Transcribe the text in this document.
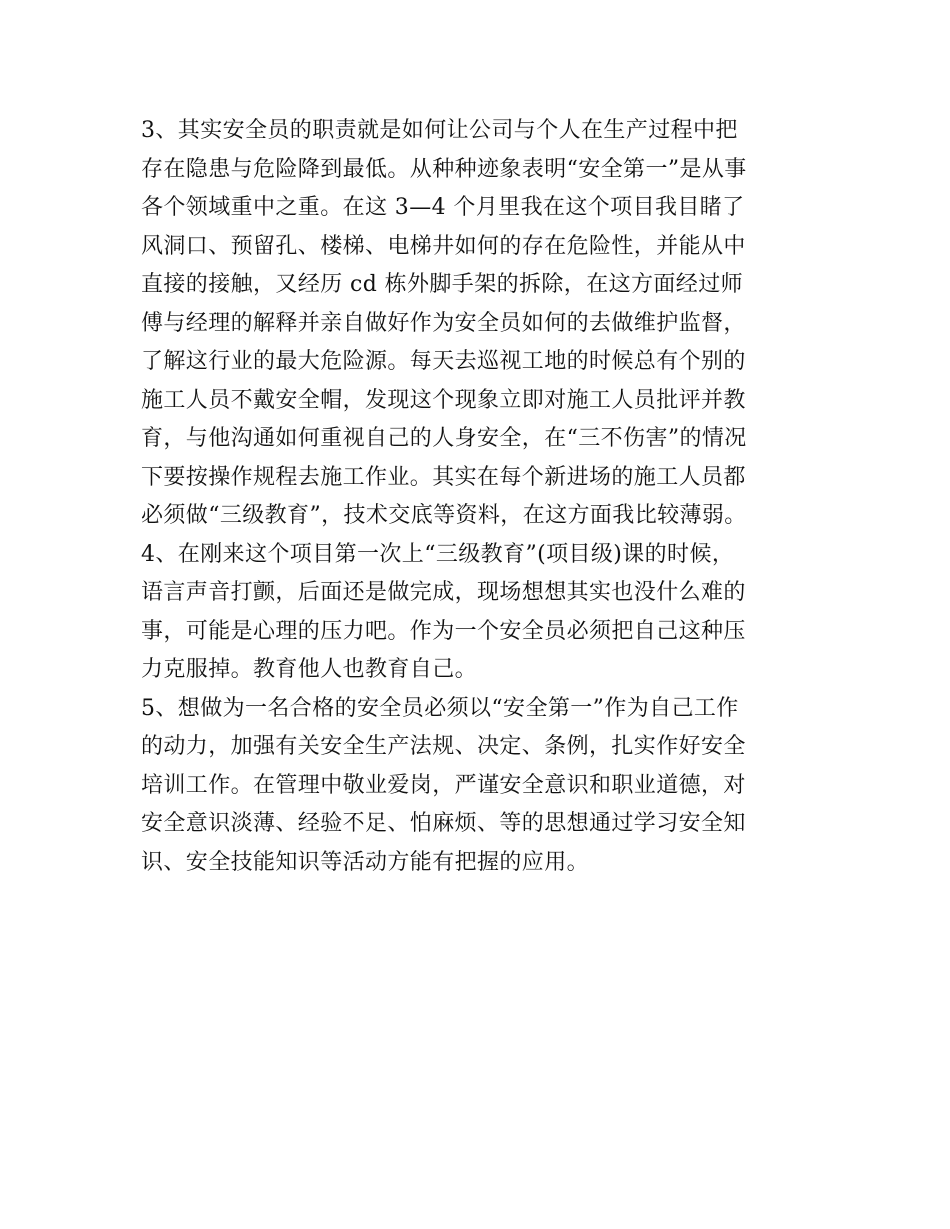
3、其实安全员的职责就是如何让公司与个人在生产过程中把
存在隐患与危险降到最低。从种种迹象表明“安全第一”是从事
各个领域重中之重。在这 3—4 个月里我在这个项目我目睹了
风洞口、预留孔、楼梯、电梯井如何的存在危险性，并能从中
直接的接触，又经历 cd 栋外脚手架的拆除，在这方面经过师
傅与经理的解释并亲自做好作为安全员如何的去做维护监督，
了解这行业的最大危险源。每天去巡视工地的时候总有个别的
施工人员不戴安全帽，发现这个现象立即对施工人员批评并教
育，与他沟通如何重视自己的人身安全，在“三不伤害”的情况
下要按操作规程去施工作业。其实在每个新进场的施工人员都
必须做“三级教育”，技术交底等资料，在这方面我比较薄弱。
4、在刚来这个项目第一次上“三级教育”(项目级)课的时候，
语言声音打颤，后面还是做完成，现场想想其实也没什么难的
事，可能是心理的压力吧。作为一个安全员必须把自己这种压
力克服掉。教育他人也教育自己。
5、想做为一名合格的安全员必须以“安全第一”作为自己工作
的动力，加强有关安全生产法规、决定、条例，扎实作好安全
培训工作。在管理中敬业爱岗，严谨安全意识和职业道德，对
安全意识淡薄、经验不足、怕麻烦、等的思想通过学习安全知
识、安全技能知识等活动方能有把握的应用。
